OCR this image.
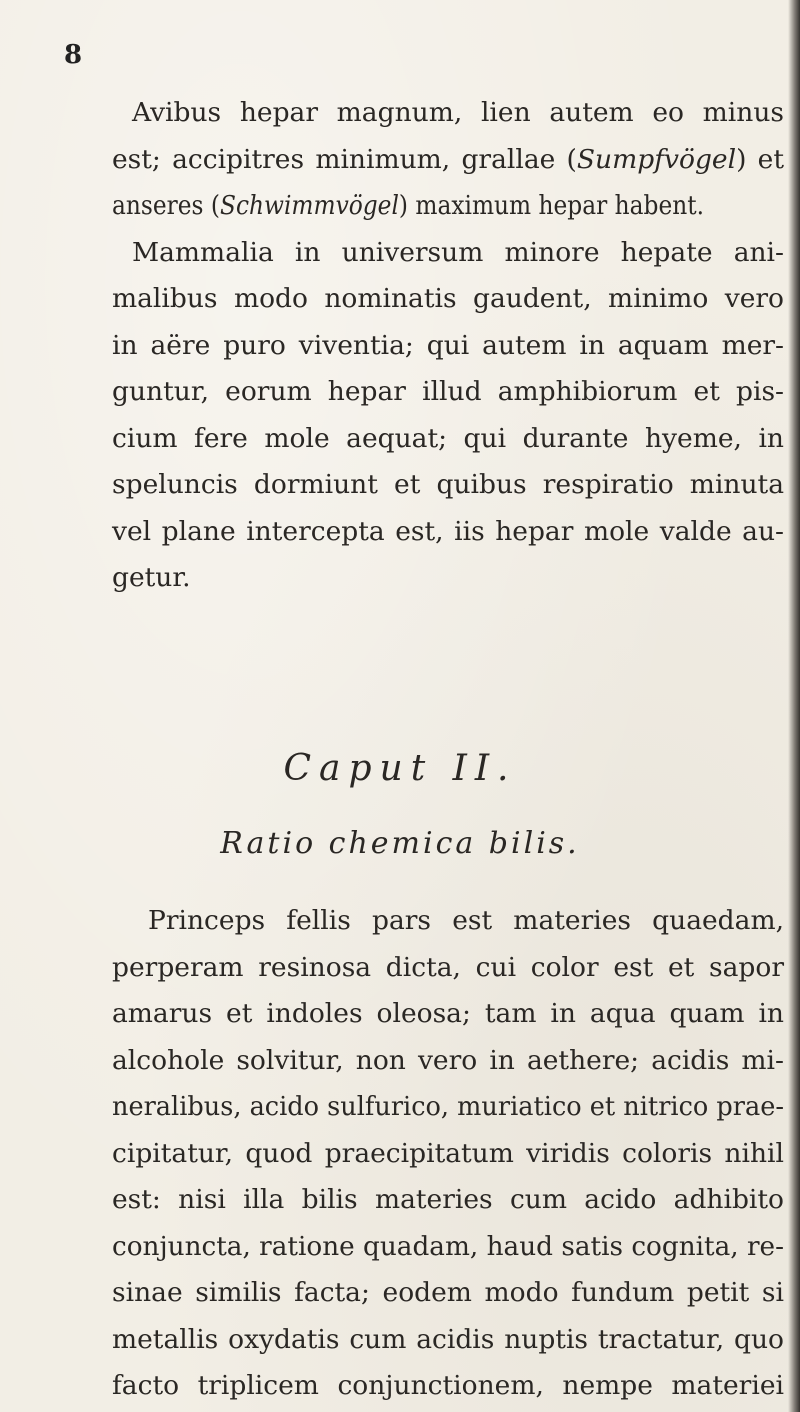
8
Avibus hepar magnum, lien autem eo minus
est; accipitres minimum, grallae (Sumpfvögel) et
anseres (Schwimmvögel) maximum hepar habent.
Mammalia in universum minore hepate ani-
malibus modo nominatis gaudent, minimo vero
in aëre puro viventia; qui autem in aquam mer-
guntur, eorum hepar illud amphibiorum et pis-
cium fere mole aequat; qui durante hyeme, in
speluncis dormiunt et quibus respiratio minuta
vel plane intercepta est, iis hepar mole valde au-
getur.
Caput II.
Ratio chemica bilis.
Princeps fellis pars est materies quaedam,
perperam resinosa dicta, cui color est et sapor
amarus et indoles oleosa; tam in aqua quam in
alcohole solvitur, non vero in aethere; acidis mi-
neralibus, acido sulfurico, muriatico et nitrico prae-
cipitatur, quod praecipitatum viridis coloris nihil
est: nisi illa bilis materies cum acido adhibito
conjuncta, ratione quadam, haud satis cognita, re-
sinae similis facta; eodem modo fundum petit si
metallis oxydatis cum acidis nuptis tractatur, quo
facto triplicem conjunctionem, nempe materiei
